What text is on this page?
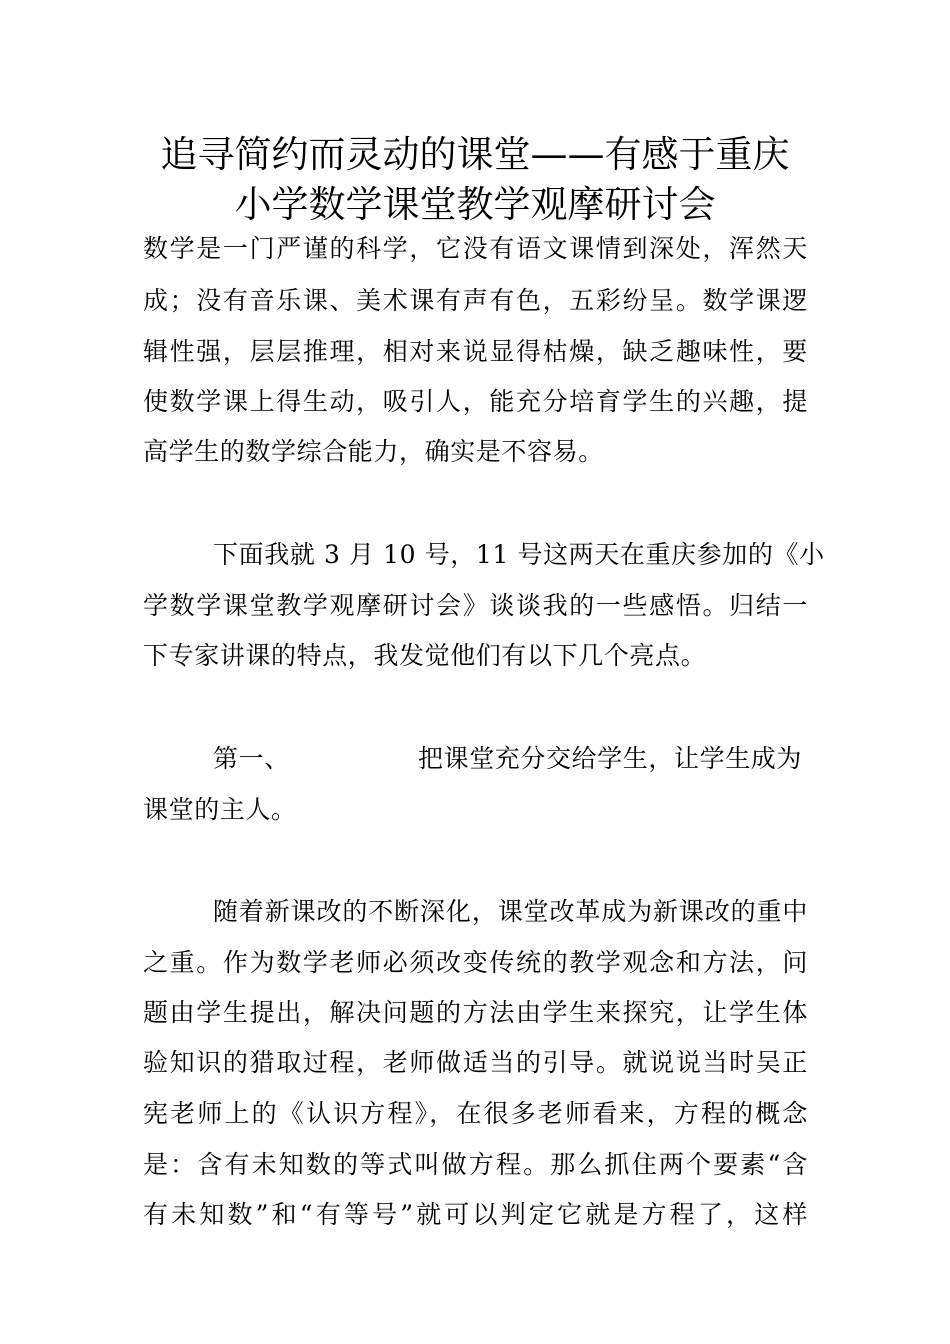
追寻简约而灵动的课堂——有感于重庆
小学数学课堂教学观摩研讨会
数学是一门严谨的科学，它没有语文课情到深处，浑然天
成；没有音乐课、美术课有声有色，五彩纷呈。数学课逻
辑性强，层层推理，相对来说显得枯燥，缺乏趣味性，要
使数学课上得生动，吸引人，能充分培育学生的兴趣，提
高学生的数学综合能力，确实是不容易。
下面我就 3 月 10 号，11 号这两天在重庆参加的《小
学数学课堂教学观摩研讨会》谈谈我的一些感悟。归结一
下专家讲课的特点，我发觉他们有以下几个亮点。
第一、	把课堂充分交给学生，让学生成为
课堂的主人。
随着新课改的不断深化，课堂改革成为新课改的重中
之重。作为数学老师必须改变传统的教学观念和方法，问
题由学生提出，解决问题的方法由学生来探究，让学生体
验知识的猎取过程，老师做适当的引导。就说说当时吴正
宪老师上的《认识方程》，在很多老师看来，方程的概念
是：含有未知数的等式叫做方程。那么抓住两个要素“含
有未知数”和“有等号”就可以判定它就是方程了，这样
